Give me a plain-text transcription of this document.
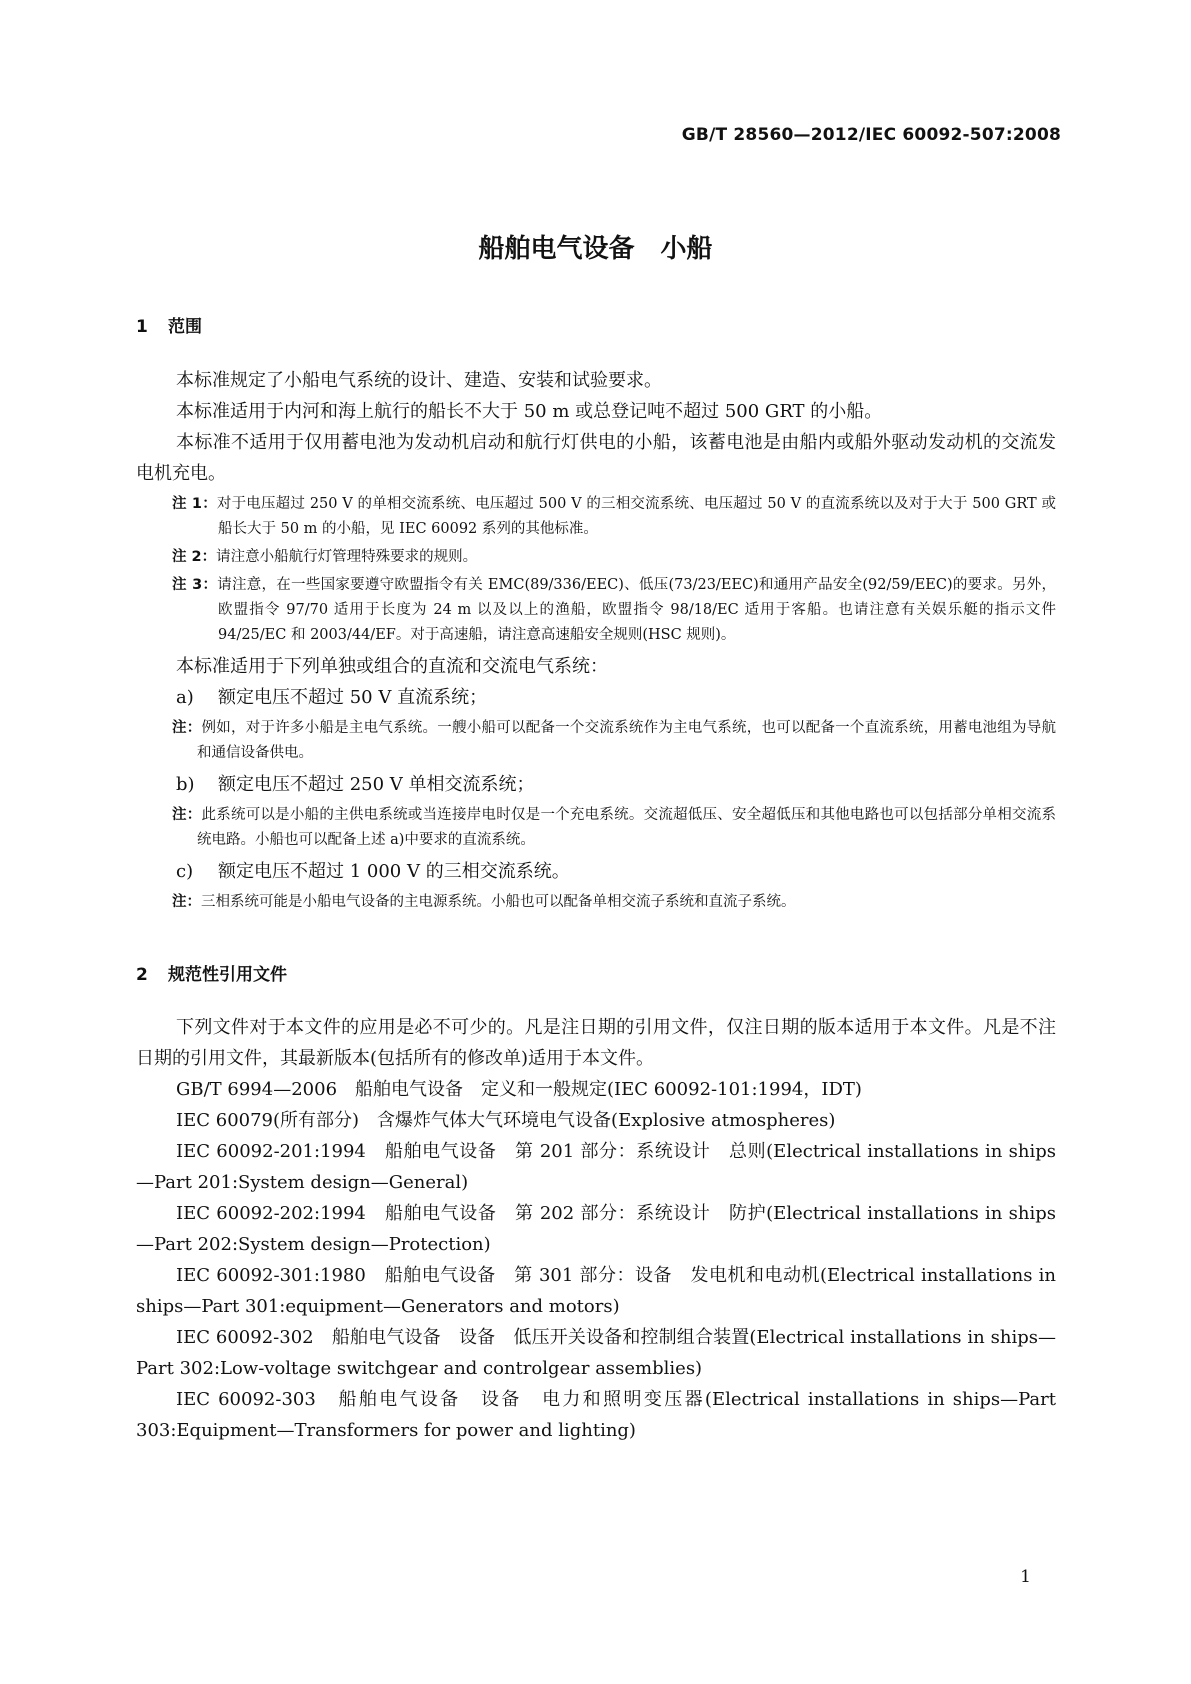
GB/T 28560—2012/IEC 60092-507:2008
船舶电气设备　小船
1 范围

本标准规定了小船电气系统的设计、建造、安装和试验要求。

本标准适用于内河和海上航行的船长不大于 50 m 或总登记吨不超过 500 GRT 的小船。

本标准不适用于仅用蓄电池为发动机启动和航行灯供电的小船，该蓄电池是由船内或船外驱动发动机的交流发电机充电。

注 1：对于电压超过 250 V 的单相交流系统、电压超过 500 V 的三相交流系统、电压超过 50 V 的直流系统以及对于大于 500 GRT 或船长大于 50 m 的小船，见 IEC 60092 系列的其他标准。
注 2：请注意小船航行灯管理特殊要求的规则。
注 3：请注意，在一些国家要遵守欧盟指令有关 EMC(89/336/EEC)、低压(73/23/EEC)和通用产品安全(92/59/EEC)的要求。另外，欧盟指令 97/70 适用于长度为 24 m 以及以上的渔船，欧盟指令 98/18/EC 适用于客船。也请注意有关娱乐艇的指示文件 94/25/EC 和 2003/44/EF。对于高速船，请注意高速船安全规则(HSC 规则)。

本标准适用于下列单独或组合的直流和交流电气系统：

a) 额定电压不超过 50 V 直流系统；
注：例如，对于许多小船是主电气系统。一艘小船可以配备一个交流系统作为主电气系统，也可以配备一个直流系统，用蓄电池组为导航和通信设备供电。
b) 额定电压不超过 250 V 单相交流系统；
注：此系统可以是小船的主供电系统或当连接岸电时仅是一个充电系统。交流超低压、安全超低压和其他电路也可以包括部分单相交流系统电路。小船也可以配备上述 a)中要求的直流系统。
c) 额定电压不超过 1 000 V 的三相交流系统。
注：三相系统可能是小船电气设备的主电源系统。小船也可以配备单相交流子系统和直流子系统。
2 规范性引用文件

下列文件对于本文件的应用是必不可少的。凡是注日期的引用文件，仅注日期的版本适用于本文件。凡是不注日期的引用文件，其最新版本(包括所有的修改单)适用于本文件。

GB/T 6994—2006　船舶电气设备　定义和一般规定(IEC 60092-101:1994，IDT)

IEC 60079(所有部分)　含爆炸气体大气环境电气设备(Explosive atmospheres)

IEC 60092-201:1994　船舶电气设备　第 201 部分：系统设计　总则(Electrical installations in ships—Part 201:System design—General)

IEC 60092-202:1994　船舶电气设备　第 202 部分：系统设计　防护(Electrical installations in ships—Part 202:System design—Protection)

IEC 60092-301:1980　船舶电气设备　第 301 部分：设备　发电机和电动机(Electrical installations in ships—Part 301:equipment—Generators and motors)

IEC 60092-302　船舶电气设备　设备　低压开关设备和控制组合装置(Electrical installations in ships—Part 302:Low-voltage switchgear and controlgear assemblies)

IEC 60092-303　船舶电气设备　设备　电力和照明变压器(Electrical installations in ships—Part 303:Equipment—Transformers for power and lighting)

1
